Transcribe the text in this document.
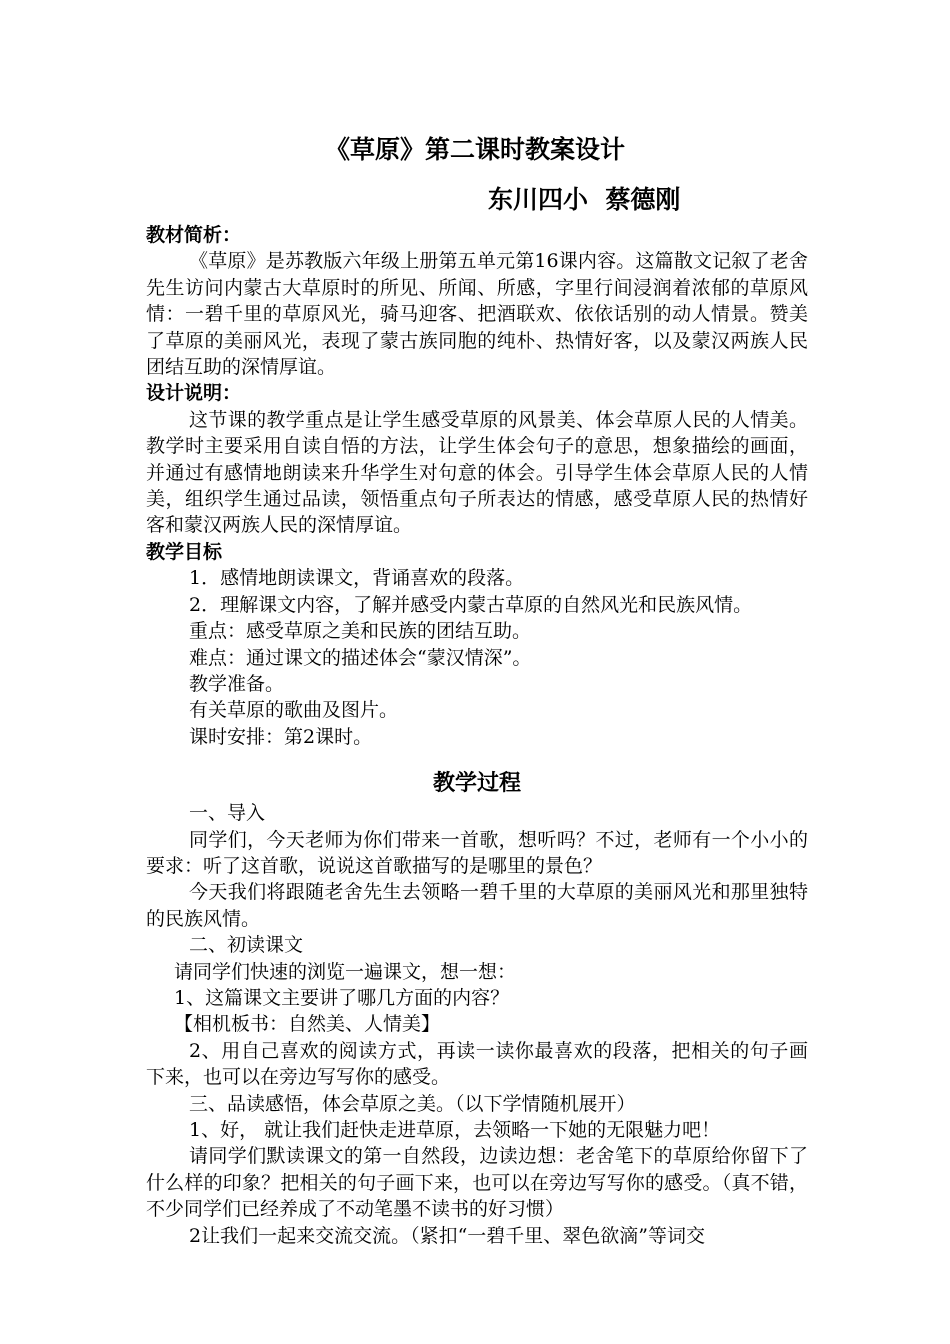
《草原》第二课时教案设计
东川四小  蔡德刚

教材简析：

《草原》是苏教版六年级上册第五单元第16课内容。这篇散文记叙了老舍先生访问内蒙古大草原时的所见、所闻、所感，字里行间浸润着浓郁的草原风情：一碧千里的草原风光，骑马迎客、把酒联欢、依依话别的动人情景。赞美了草原的美丽风光，表现了蒙古族同胞的纯朴、热情好客，以及蒙汉两族人民团结互助的深情厚谊。

设计说明：

这节课的教学重点是让学生感受草原的风景美、体会草原人民的人情美。教学时主要采用自读自悟的方法，让学生体会句子的意思，想象描绘的画面，并通过有感情地朗读来升华学生对句意的体会。引导学生体会草原人民的人情美，组织学生通过品读，领悟重点句子所表达的情感，感受草原人民的热情好客和蒙汉两族人民的深情厚谊。

教学目标

1．感情地朗读课文，背诵喜欢的段落。

2．理解课文内容，了解并感受内蒙古草原的自然风光和民族风情。

重点：感受草原之美和民族的团结互助。

难点：通过课文的描述体会“蒙汉情深”。

教学准备。

有关草原的歌曲及图片。

课时安排：第2课时。

教学过程

一、导入

同学们，今天老师为你们带来一首歌，想听吗？不过，老师有一个小小的要求：听了这首歌，说说这首歌描写的是哪里的景色？

今天我们将跟随老舍先生去领略一碧千里的大草原的美丽风光和那里独特的民族风情。

二、初读课文

请同学们快速的浏览一遍课文，想一想：

1、这篇课文主要讲了哪几方面的内容？

【相机板书：自然美、人情美】

2、用自己喜欢的阅读方式，再读一读你最喜欢的段落，把相关的句子画下来，也可以在旁边写写你的感受。

三、品读感悟，体会草原之美。（以下学情随机展开）

1、好， 就让我们赶快走进草原，去领略一下她的无限魅力吧！

请同学们默读课文的第一自然段，边读边想：老舍笔下的草原给你留下了什么样的印象？把相关的句子画下来，也可以在旁边写写你的感受。（真不错，不少同学们已经养成了不动笔墨不读书的好习惯）

2让我们一起来交流交流。（紧扣“一碧千里、翠色欲滴”等词交
